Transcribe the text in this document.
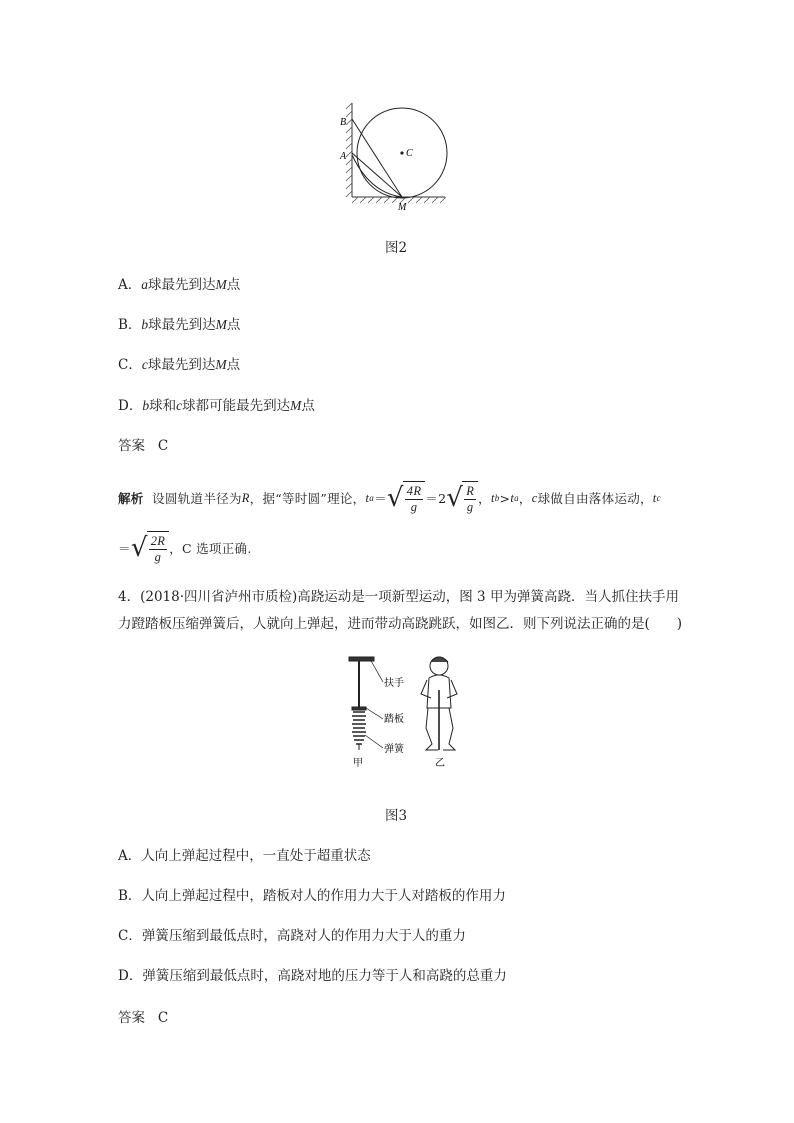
B
A	C
M
图2
A．a球最先到达M点
B．b球最先到达M点
C．c球最先到达M点
D．b球和c球都可能最先到达M点
答案 C
解析
设圆轨道半径为 R ，据“等时圆”理论， t a ＝ √ $\frac{4R}{g} =2$ √ $\frac{R}{g}$ ， t b > t a ， c 球做自由落体运动， t c
＝ √ $\frac{2R}{g}$ ，C 选项正确.
4．(2018·四川省泸州市质检)高跷运动是一项新型运动，图 3 甲为弹簧高跷．当人抓住扶手用
力蹬踏板压缩弹簧后，人就向上弹起，进而带动高跷跳跃，如图乙．则下列说法正确的是(　　)
扶手
踏板
弹簧
甲	乙
图3
A．人向上弹起过程中，一直处于超重状态
B．人向上弹起过程中，踏板对人的作用力大于人对踏板的作用力
C．弹簧压缩到最低点时，高跷对人的作用力大于人的重力
D．弹簧压缩到最低点时，高跷对地的压力等于人和高跷的总重力
答案 C
